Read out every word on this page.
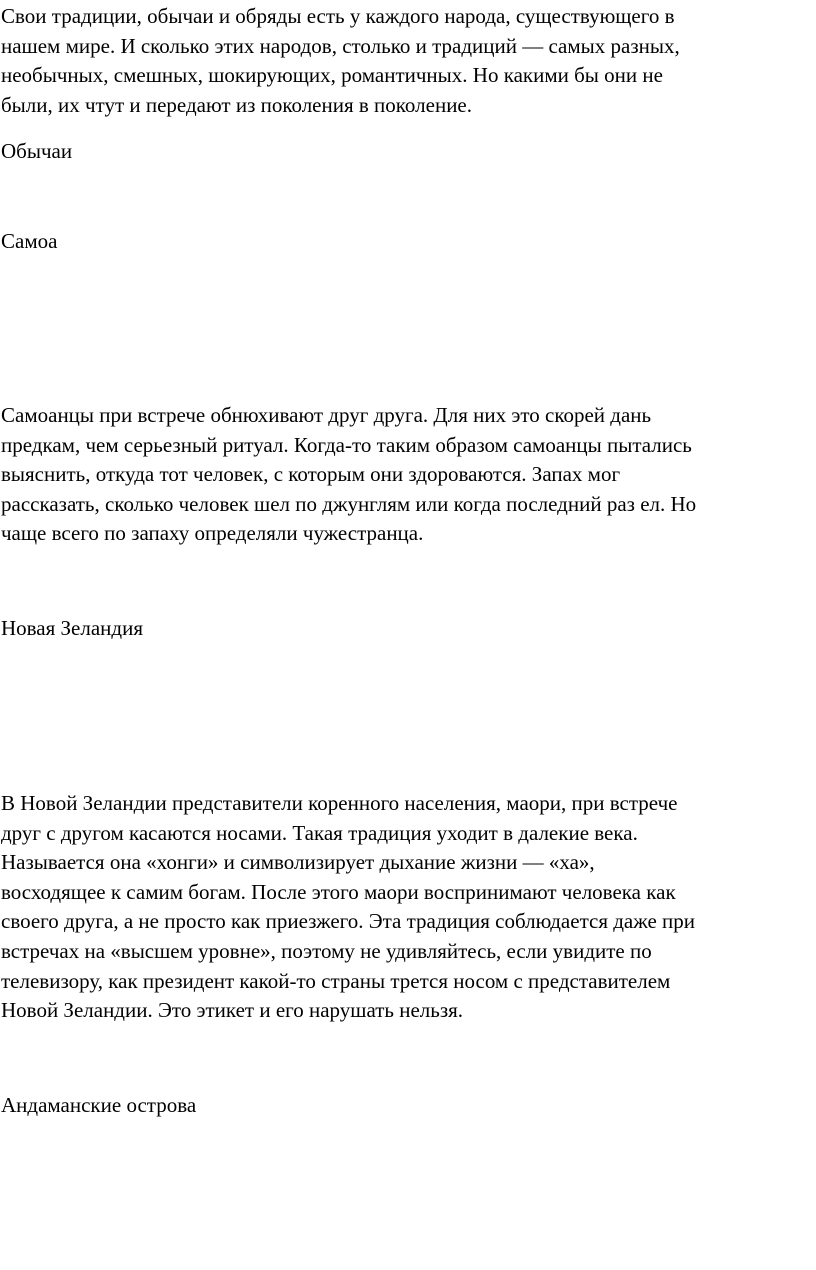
Свои традиции, обычаи и обряды есть у каждого народа, существующего в
нашем мире. И сколько этих народов, столько и традиций — самых разных,
необычных, смешных, шокирующих, романтичных. Но какими бы они не
были, их чтут и передают из поколения в поколение.
Обычаи
Самоа
Самоанцы при встрече обнюхивают друг друга. Для них это скорей дань
предкам, чем серьезный ритуал. Когда-то таким образом самоанцы пытались
выяснить, откуда тот человек, с которым они здороваются. Запах мог
рассказать, сколько человек шел по джунглям или когда последний раз ел. Но
чаще всего по запаху определяли чужестранца.
Новая Зеландия
В Новой Зеландии представители коренного населения, маори, при встрече
друг с другом касаются носами. Такая традиция уходит в далекие века.
Называется она «хонги» и символизирует дыхание жизни — «ха»,
восходящее к самим богам. После этого маори воспринимают человека как
своего друга, а не просто как приезжего. Эта традиция соблюдается даже при
встречах на «высшем уровне», поэтому не удивляйтесь, если увидите по
телевизору, как президент какой-то страны трется носом с представителем
Новой Зеландии. Это этикет и его нарушать нельзя.
Андаманские острова
